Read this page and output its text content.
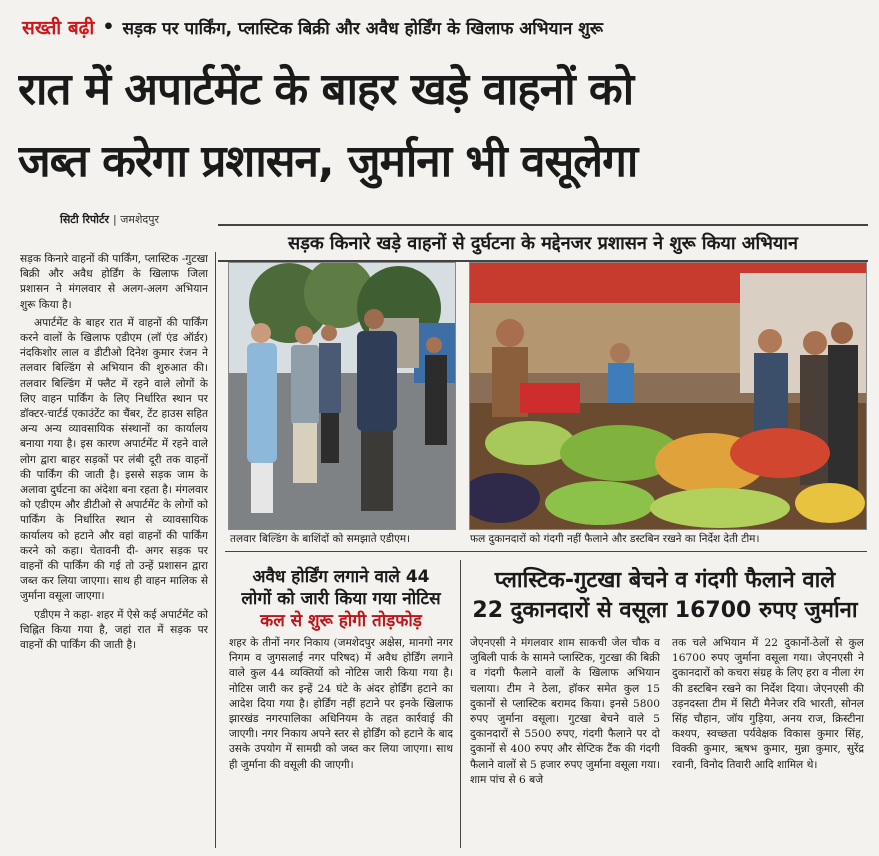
सख्ती बढ़ी • सड़क पर पार्किंग, प्लास्टिक बिक्री और अवैध होर्डिंग के खिलाफ अभियान शुरू
रात में अपार्टमेंट के बाहर खड़े वाहनों को
जब्त करेगा प्रशासन, जुर्माना भी वसूलेगा
सिटी रिपोर्टर | जमशेदपुर
सड़क किनारे खड़े वाहनों से दुर्घटना के मद्देनजर प्रशासन ने शुरू किया अभियान

सड़क किनारे वाहनों की पार्किंग, प्लास्टिक -गुटखा बिक्री और अवैध होर्डिंग के खिलाफ जिला प्रशासन ने मंगलवार से अलग-अलग अभियान शुरू किया है।

अपार्टमेंट के बाहर रात में वाहनों की पार्किंग करने वालों के खिलाफ एडीएम (लॉ एंड ऑर्डर) नंदकिशोर लाल व डीटीओ दिनेश कुमार रंजन ने तलवार बिल्डिंग से अभियान की शुरुआत की। तलवार बिल्डिंग में फ्लैट में रहने वाले लोगों के लिए वाहन पार्किंग के लिए निर्धारित स्थान पर डॉक्टर-चार्टर्ड एकाउंटेंट का चैंबर, टेंट हाउस सहित अन्य अन्य व्यावसायिक संस्थानों का कार्यालय बनाया गया है। इस कारण अपार्टमेंट में रहने वाले लोग द्वारा बाहर सड़कों पर लंबी दूरी तक वाहनों की पार्किंग की जाती है। इससे सड़क जाम के अलावा दुर्घटना का अंदेशा बना रहता है। मंगलवार को एडीएम और डीटीओ से अपार्टमेंट के लोगों को पार्किंग के निर्धारित स्थान से व्यावसायिक कार्यालय को हटाने और वहां वाहनों की पार्किंग करने को कहा। चेतावनी दी- अगर सड़क पर वाहनों की पार्किंग की गई तो उन्हें प्रशासन द्वारा जब्त कर लिया जाएगा। साथ ही वाहन मालिक से जुर्माना वसूला जाएगा।

एडीएम ने कहा- शहर में ऐसे कई अपार्टमेंट को चिह्नित किया गया है, जहां रात में सड़क पर वाहनों की पार्किंग की जाती है।

तलवार बिल्डिंग के बाशिंदों को समझाते एडीएम।	फल दुकानदारों को गंदगी नहीं फैलाने और डस्टबिन रखने का निर्देश देती टीम।
अवैध होर्डिंग लगाने वाले 44
लोगों को जारी किया गया नोटिस
कल से शुरू होगी तोड़फोड़

शहर के तीनों नगर निकाय (जमशेदपुर अक्षेस, मानगो नगर निगम व जुगसलाई नगर परिषद) में अवैध होर्डिंग लगाने वाले कुल 44 व्यक्तियों को नोटिस जारी किया गया है। नोटिस जारी कर इन्हें 24 घंटे के अंदर होर्डिंग हटाने का आदेश दिया गया है। होर्डिंग नहीं हटाने पर इनके खिलाफ झारखंड नगरपालिका अधिनियम के तहत कार्रवाई की जाएगी। नगर निकाय अपने स्तर से होर्डिंग को हटाने के बाद उसके उपयोग में सामग्री को जब्त कर लिया जाएगा। साथ ही जुर्माना की वसूली की जाएगी।

प्लास्टिक-गुटखा बेचने व गंदगी फैलाने वाले
22 दुकानदारों से वसूला 16700 रुपए जुर्माना

जेएनएसी ने मंगलवार शाम साकची जेल चौक व जुबिली पार्क के सामने प्लास्टिक, गुटखा की बिक्री व गंदगी फैलाने वालों के खिलाफ अभियान चलाया। टीम ने ठेला, हॉकर समेत कुल 15 दुकानों से प्लास्टिक बरामद किया। इनसे 5800 रुपए जुर्माना वसूला। गुटखा बेचने वाले 5 दुकानदारों से 5500 रुपए, गंदगी फैलाने पर दो दुकानों से 400 रुपए और सेप्टिक टैंक की गंदगी फैलाने वालों से 5 हजार रुपए जुर्माना वसूला गया। शाम पांच से 6 बजे

तक चले अभियान में 22 दुकानों-ठेलों से कुल 16700 रुपए जुर्माना वसूला गया। जेएनएसी ने दुकानदारों को कचरा संग्रह के लिए हरा व नीला रंग की डस्टबिन रखने का निर्देश दिया। जेएनएसी की उड़नदस्ता टीम में सिटी मैनेजर रवि भारती, सोनल सिंह चौहान, जॉय गुड़िया, अनय राज, क्रिस्टीना कश्यप, स्वच्छता पर्यवेक्षक विकास कुमार सिंह, विक्की कुमार, ऋषभ कुमार, मुन्ना कुमार, सुरेंद्र रवानी, विनोद तिवारी आदि शामिल थे।
